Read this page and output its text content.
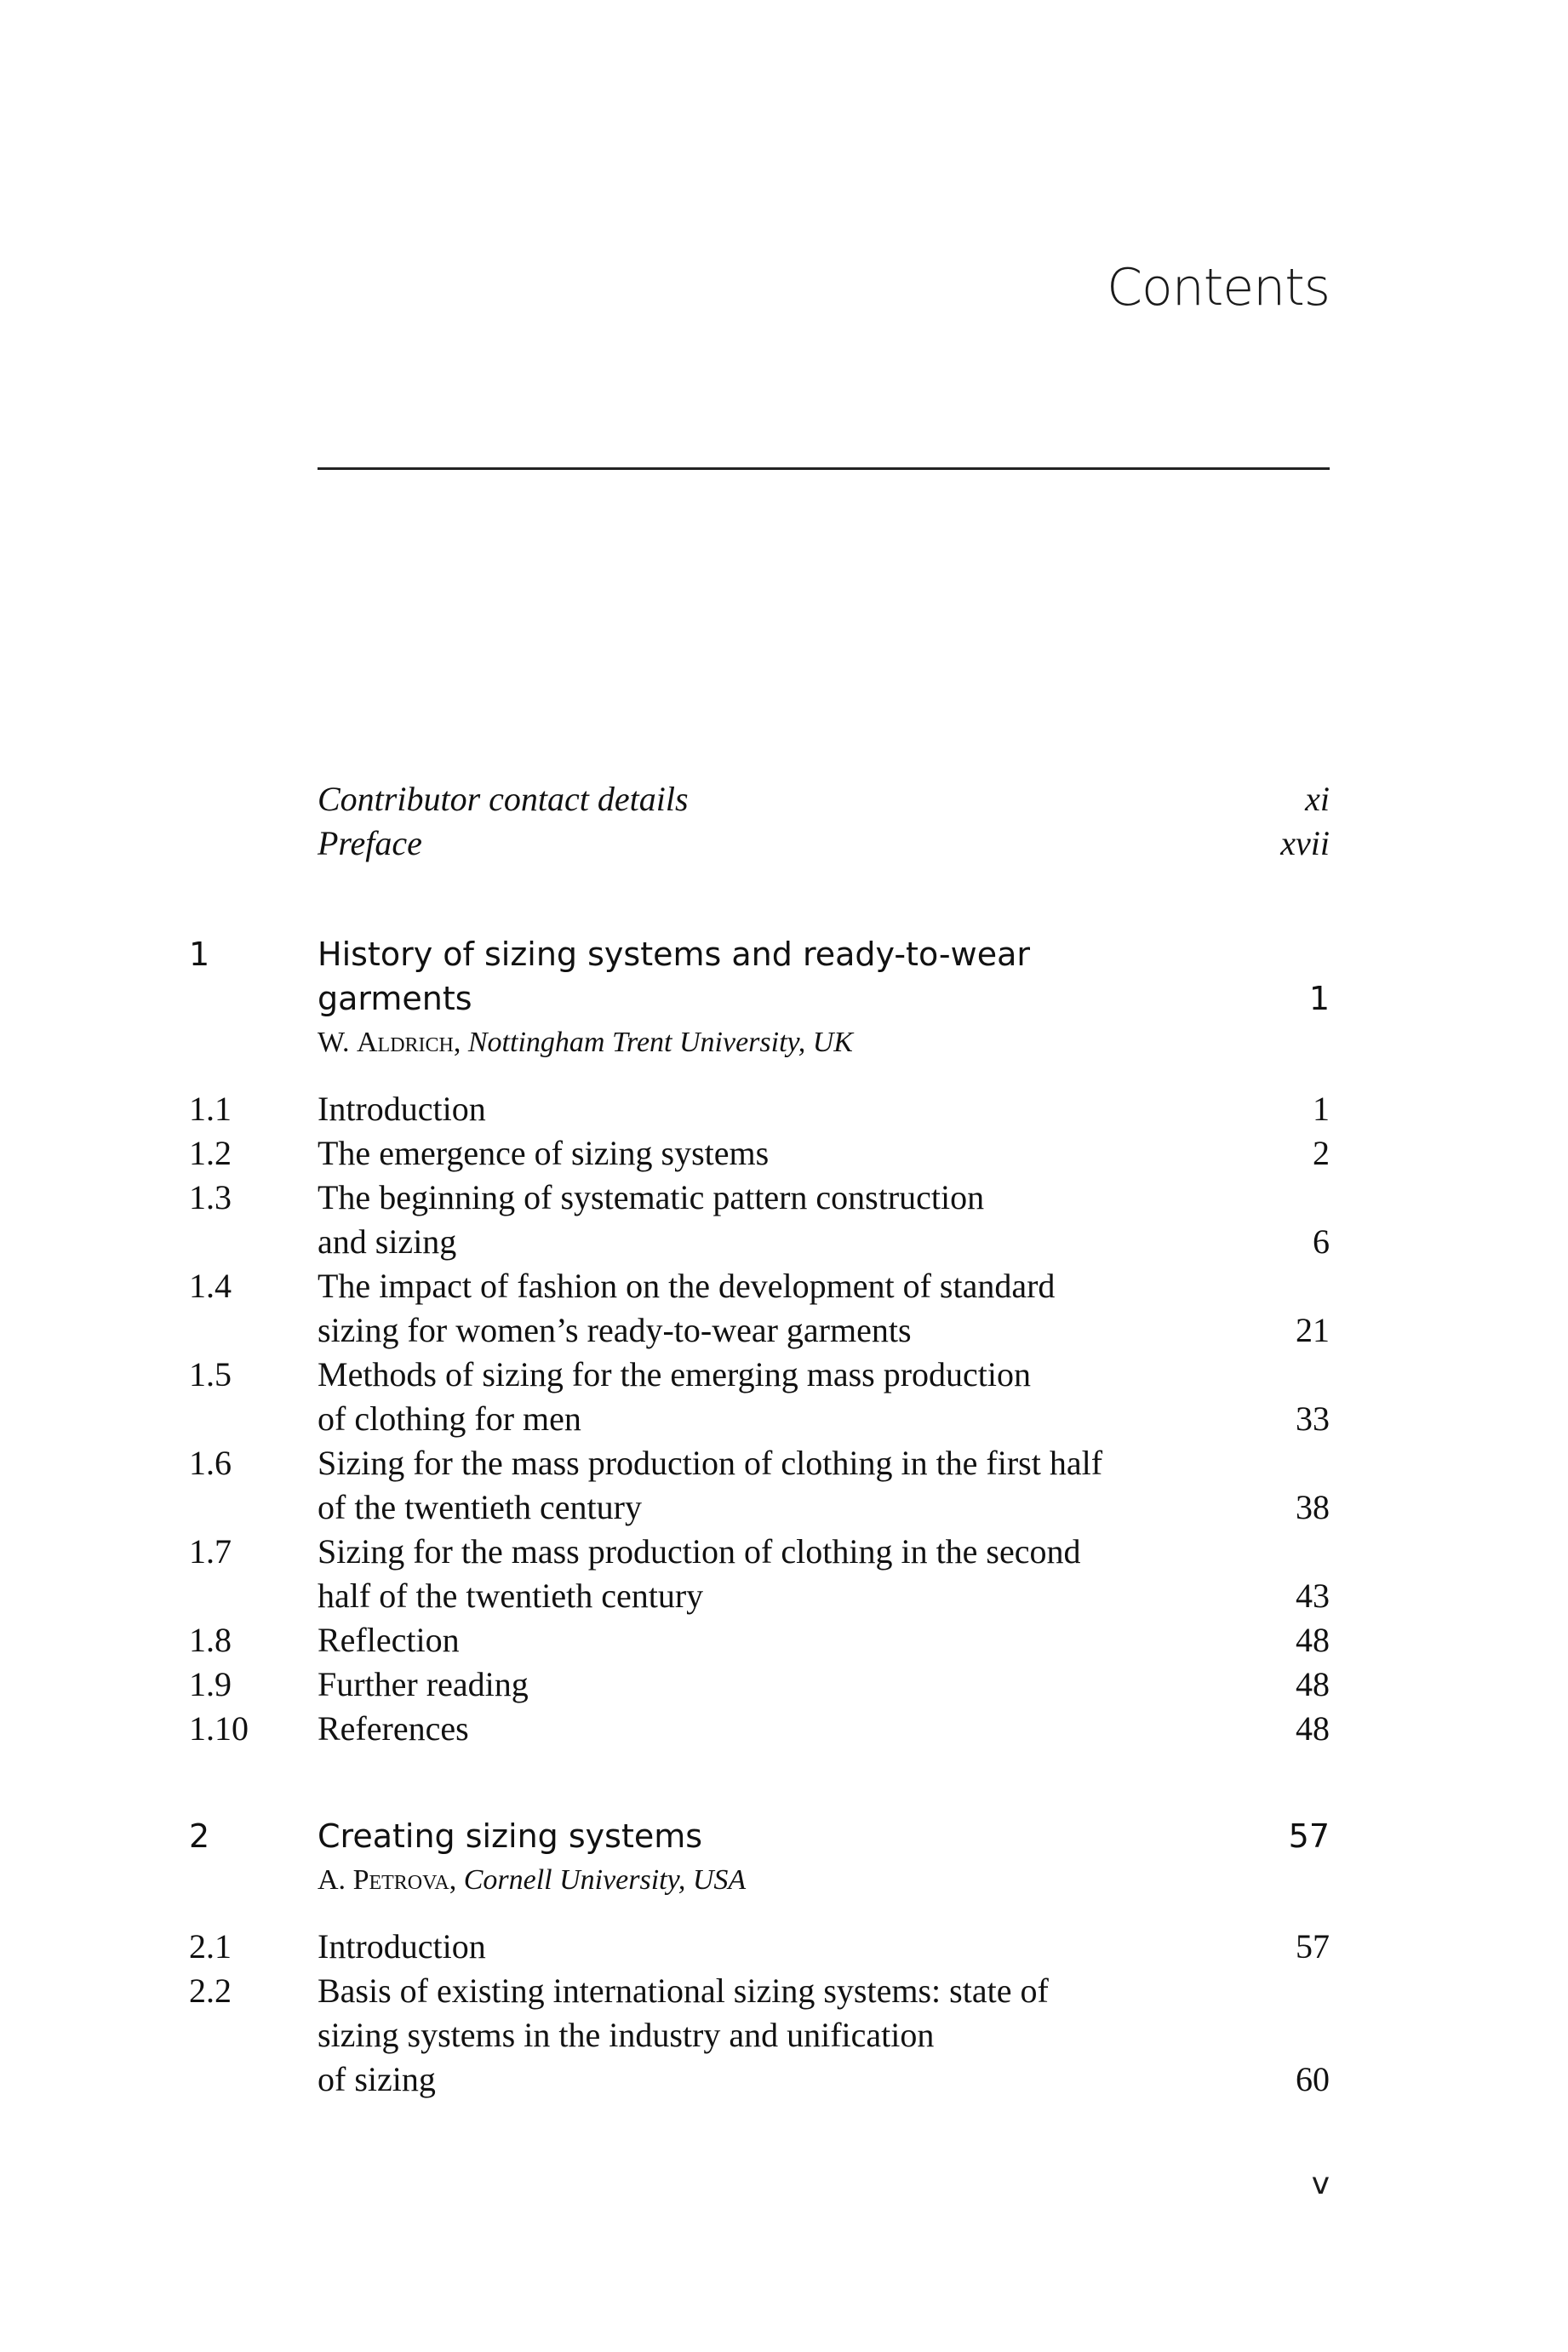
Contents
Contributor contact details	xi
Preface	xvii
1	History of sizing systems and ready-to-wear
garments	1
W. Aldrich, Nottingham Trent University, UK
1.1	Introduction	1
1.2	The emergence of sizing systems	2
1.3	The beginning of systematic pattern construction
and sizing	6
1.4	The impact of fashion on the development of standard
sizing for women’s ready-to-wear garments	21
1.5	Methods of sizing for the emerging mass production
of clothing for men	33
1.6	Sizing for the mass production of clothing in the first half
of the twentieth century	38
1.7	Sizing for the mass production of clothing in the second
half of the twentieth century	43
1.8	Reflection	48
1.9	Further reading	48
1.10 References	48
2	Creating sizing systems	57
A. Petrova, Cornell University, USA
2.1	Introduction	57
2.2	Basis of existing international sizing systems: state of
sizing systems in the industry and unification
of sizing	60
v
